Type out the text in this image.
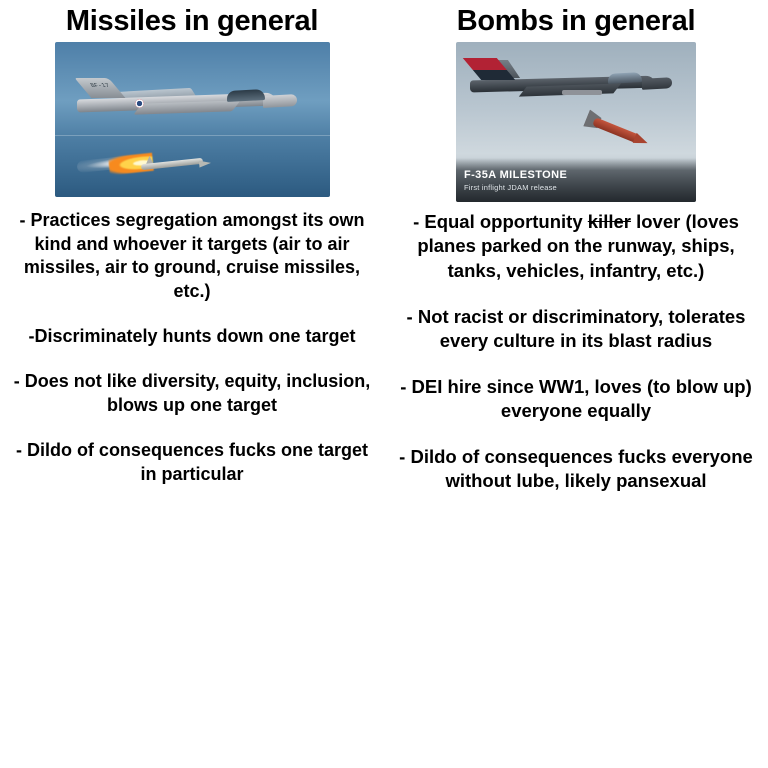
Missiles in general
BF-17
- Practices segregation amongst its own kind and whoever it targets (air to air missiles, air to ground, cruise missiles, etc.)
-Discriminately hunts down one target
- Does not like diversity, equity, inclusion, blows up one target
- Dildo of consequences fucks one target in particular
Bombs in general
F-35A MILESTONE
First inflight JDAM release
- Equal opportunity killer lover (loves planes parked on the runway, ships, tanks, vehicles, infantry, etc.)
- Not racist or discriminatory, tolerates every culture in its blast radius
- DEI hire since WW1, loves (to blow up) everyone equally
- Dildo of consequences fucks everyone without lube, likely pansexual
